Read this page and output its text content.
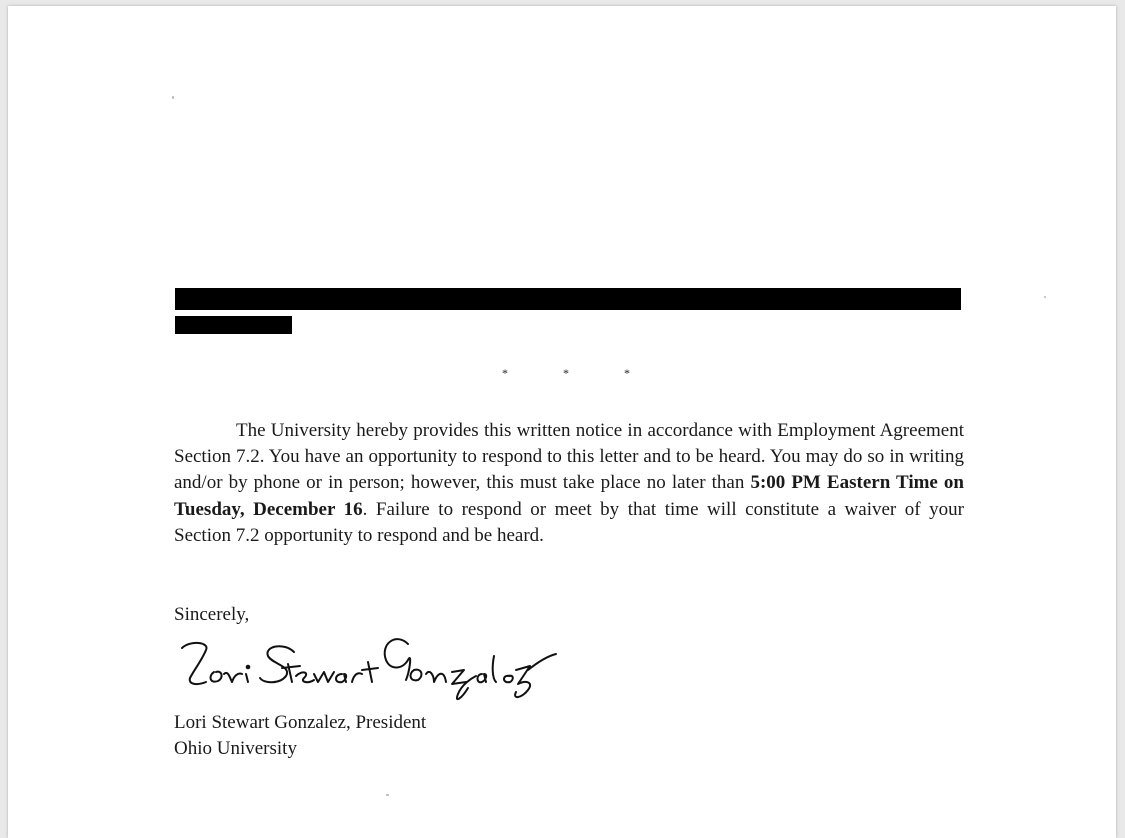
*	*	*

The University hereby provides this written notice in accordance with Employment Agreement Section 7.2. You have an opportunity to respond to this letter and to be heard. You may do so in writing and/or by phone or in person; however, this must take place no later than 5:00 PM Eastern Time on Tuesday, December 16. Failure to respond or meet by that time will constitute a waiver of your Section 7.2 opportunity to respond and be heard.

Sincerely,
Lori Stewart Gonzalez, President
Ohio University
